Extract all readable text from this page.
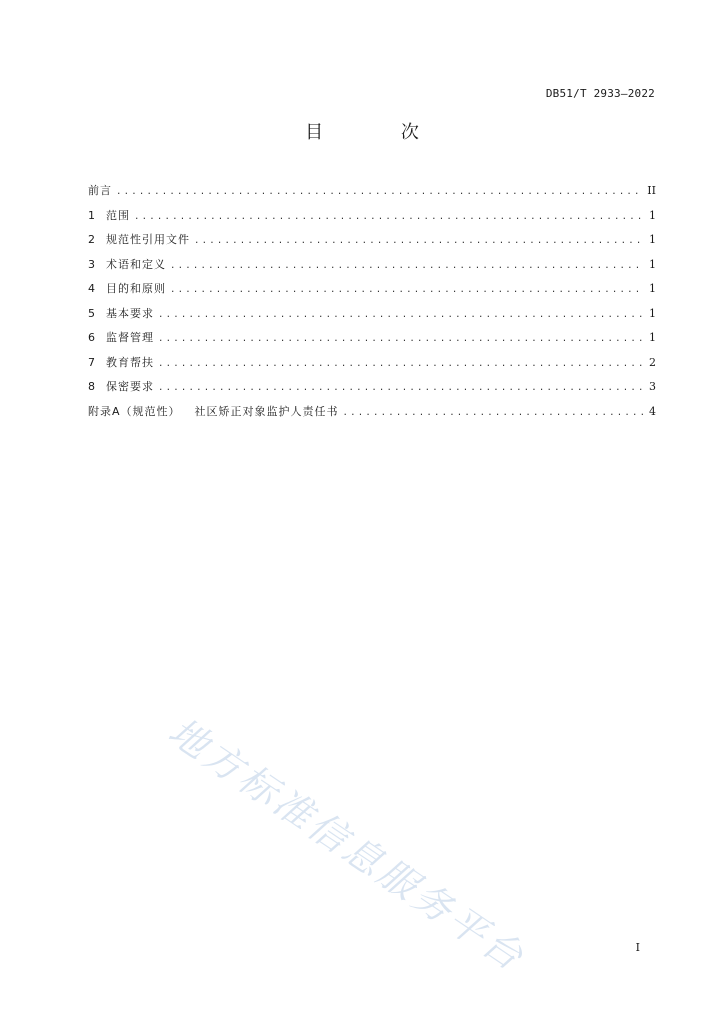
DB51/T 2933—2022
目 次
前言 .....	II
1	范围 .....	1
2	规范性引用文件 .....	1
3	术语和定义 .....	1
4	目的和原则 .....	1
5	基本要求 .....	1
6	监督管理 .....	1
7	教育帮扶 .....	2
8	保密要求 .....	3
附录A（规范性） 社区矫正对象监护人责任书 .....	4
地方标准信息服务平台	I
